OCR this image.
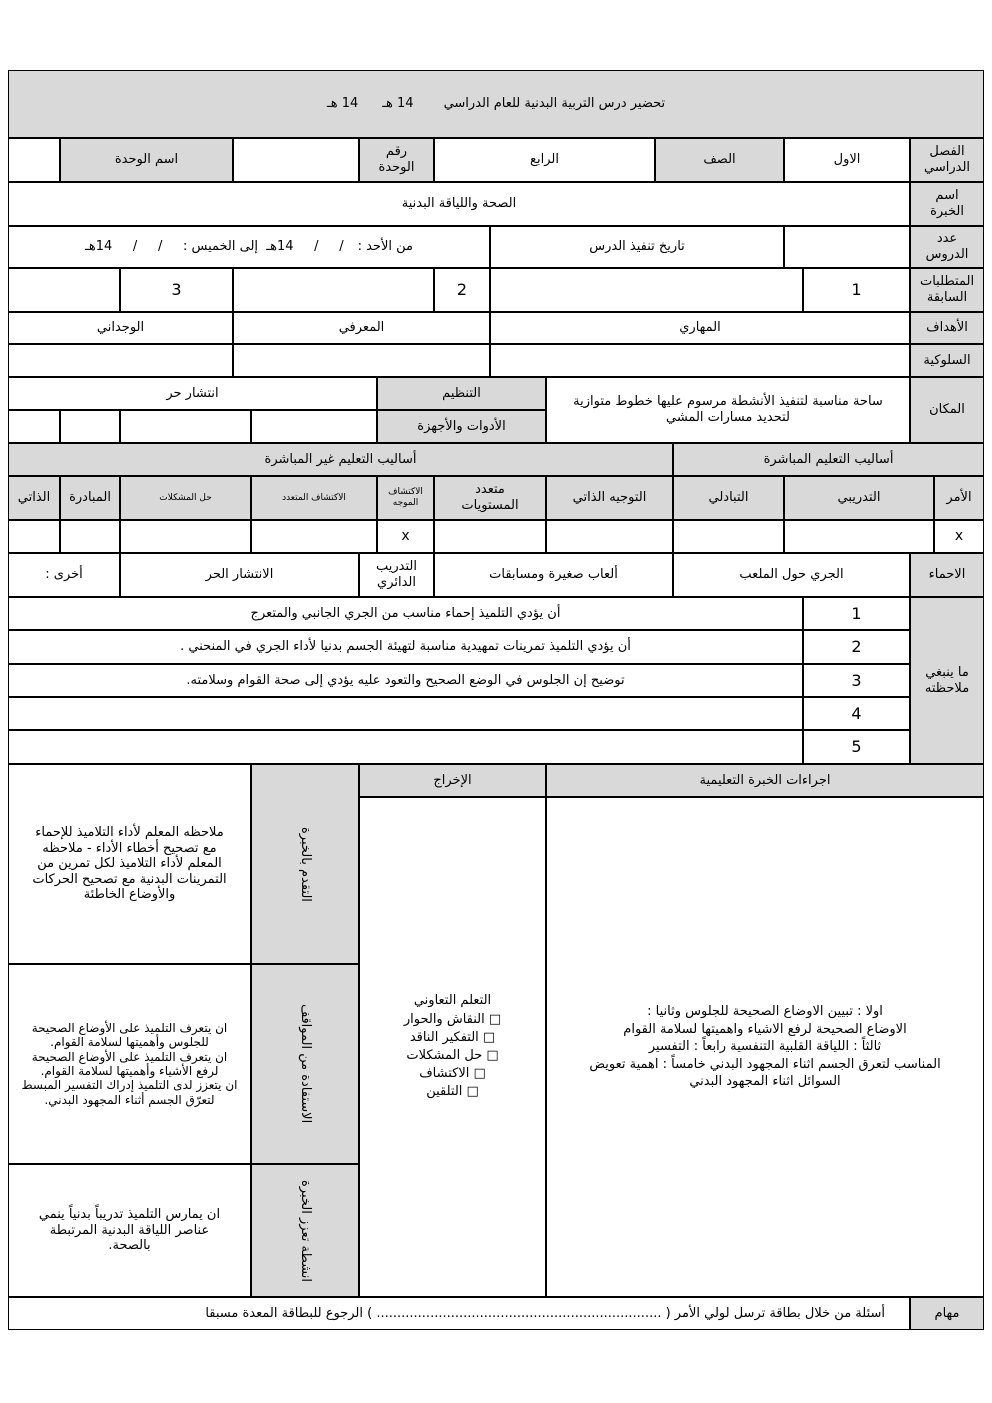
تحضير درس التربية البدنية للعام الدراسي
14 هـ
14 هـ
الفصل
الدراسي
الاول
الصف
الرابع
رقم
الوحدة
اسم الوحدة
اسم
الخبرة
الصحة واللياقة البدنية
عدد
الدروس
تاريخ تنفيذ الدرس
من الأحد :
/     /     14هـ  إلى الخميس :     /     /     14هـ
المتطلبات
السابقة
1
2
3
الأهداف
المهاري
المعرفي
الوجداني
السلوكية
المكان
ساحة مناسبة لتنفيذ الأنشطة مرسوم عليها خطوط متوازية لتحديد مسارات المشي
التنظيم
انتشار حر
الأدوات والأجهزة
أساليب التعليم المباشرة
أساليب التعليم غير المباشرة
الأمر
التدريبي
التبادلي
التوجيه الذاتي
متعدد
المستويات
الاكتشاف
الموجه
الاكتشاف المتعدد
حل المشكلات
المبادرة
الذاتي
x
x
الاحماء
الجري حول الملعب
ألعاب صغيرة ومسابقات
التدريب
الدائري
الانتشار الحر
أخرى :
ما ينبغي
ملاحظته
1
أن يؤدي التلميذ إحماء مناسب من الجري الجانبي والمتعرج
2
أن يؤدي التلميذ تمرينات تمهيدية مناسبة لتهيئة الجسم بدنيا لأداء الجري في المنحني .
3
توضيح إن الجلوس في الوضع الصحيح والتعود عليه يؤدي إلى صحة القوام وسلامته.
4
5
اجراءات الخبرة التعليمية
الإخراج
اولا : تبيين الاوضاع الصحيحة للجلوس وثانيا :
الاوضاع الصحيحة لرفع الاشياء واهميتها لسلامة القوام
ثالثاً : اللياقة القلبية التنفسية رابعاً : التفسير
المناسب لتعرق الجسم اثناء المجهود البدني خامساً : اهمية تعويض
السوائل اثناء المجهود البدني
التعلم التعاوني
□ النقاش والحوار
□ التفكير الناقد
□ حل المشكلات
□ الاكتشاف
□ التلقين
التقدم بالخبرة
ملاحظه المعلم لأداء التلاميذ للإحماء
مع تصحيح أخطاء الأداء - ملاحظه
المعلم لأداء التلاميذ لكل تمرين من
التمرينات البدنية مع تصحيح الحركات
والأوضاع الخاطئة
الاستفادة من المواقف
ان يتعرف التلميذ على الأوضاع الصحيحة
للجلوس وأهميتها لسلامة القوام.
ان يتعرف التلميذ على الأوضاع الصحيحة
لرفع الأشياء وأهميتها لسلامة القوام.
ان يتعزز لدى التلميذ إدراك التفسير المبسط
لتعرّق الجسم أثناء المجهود البدني.
انشطة تعزز الخبرة
ان يمارس التلميذ تدريباً بدنياً ينمي
عناصر اللياقة البدنية المرتبطة
بالصحة.
مهام
أسئلة من خلال بطاقة ترسل لولي الأمر ( ..................................................................... ) الرجوع للبطاقة المعدة مسبقا
